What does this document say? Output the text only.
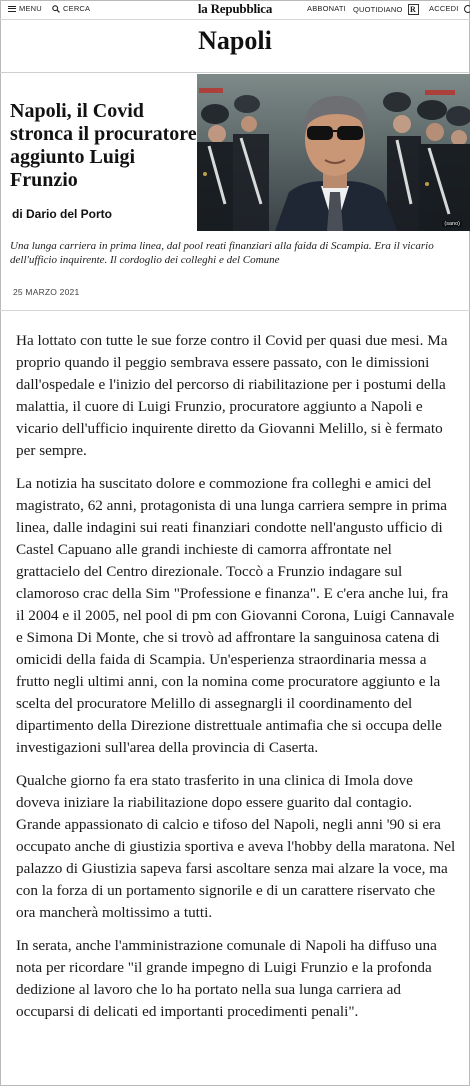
MENU	CERCA	la Repubblica	ABBONATI QUOTIDIANO R	ACCEDI
Napoli
Napoli, il Covid stronca il procuratore aggiunto Luigi Frunzio
(sano)
di Dario del Porto
Una lunga carriera in prima linea, dal pool reati finanziari alla faida di Scampia. Era il vicario dell'ufficio inquirente. Il cordoglio dei colleghi e del Comune
25 MARZO 2021

Ha lottato con tutte le sue forze contro il Covid per quasi due mesi. Ma proprio quando il peggio sembrava essere passato, con le dimissioni dall'ospedale e l'inizio del percorso di riabilitazione per i postumi della malattia, il cuore di Luigi Frunzio, procuratore aggiunto a Napoli e vicario dell'ufficio inquirente diretto da Giovanni Melillo, si è fermato per sempre.

La notizia ha suscitato dolore e commozione fra colleghi e amici del magistrato, 62 anni, protagonista di una lunga carriera sempre in prima linea, dalle indagini sui reati finanziari condotte nell'angusto ufficio di Castel Capuano alle grandi inchieste di camorra affrontate nel grattacielo del Centro direzionale. Toccò a Frunzio indagare sul clamoroso crac della Sim "Professione e finanza". E c'era anche lui, fra il 2004 e il 2005, nel pool di pm con Giovanni Corona, Luigi Cannavale e Simona Di Monte, che si trovò ad affrontare la sanguinosa catena di omicidi della faida di Scampia. Un'esperienza straordinaria messa a frutto negli ultimi anni, con la nomina come procuratore aggiunto e la scelta del procuratore Melillo di assegnargli il coordinamento del dipartimento della Direzione distrettuale antimafia che si occupa delle investigazioni sull'area della provincia di Caserta.

Qualche giorno fa era stato trasferito in una clinica di Imola dove doveva iniziare la riabilitazione dopo essere guarito dal contagio. Grande appassionato di calcio e tifoso del Napoli, negli anni '90 si era occupato anche di giustizia sportiva e aveva l'hobby della maratona. Nel palazzo di Giustizia sapeva farsi ascoltare senza mai alzare la voce, ma con la forza di un portamento signorile e di un carattere riservato che ora mancherà moltissimo a tutti.

In serata, anche l'amministrazione comunale di Napoli ha diffuso una nota per ricordare "il grande impegno di Luigi Frunzio e la profonda dedizione al lavoro che lo ha portato nella sua lunga carriera ad occuparsi di delicati ed importanti procedimenti penali".
